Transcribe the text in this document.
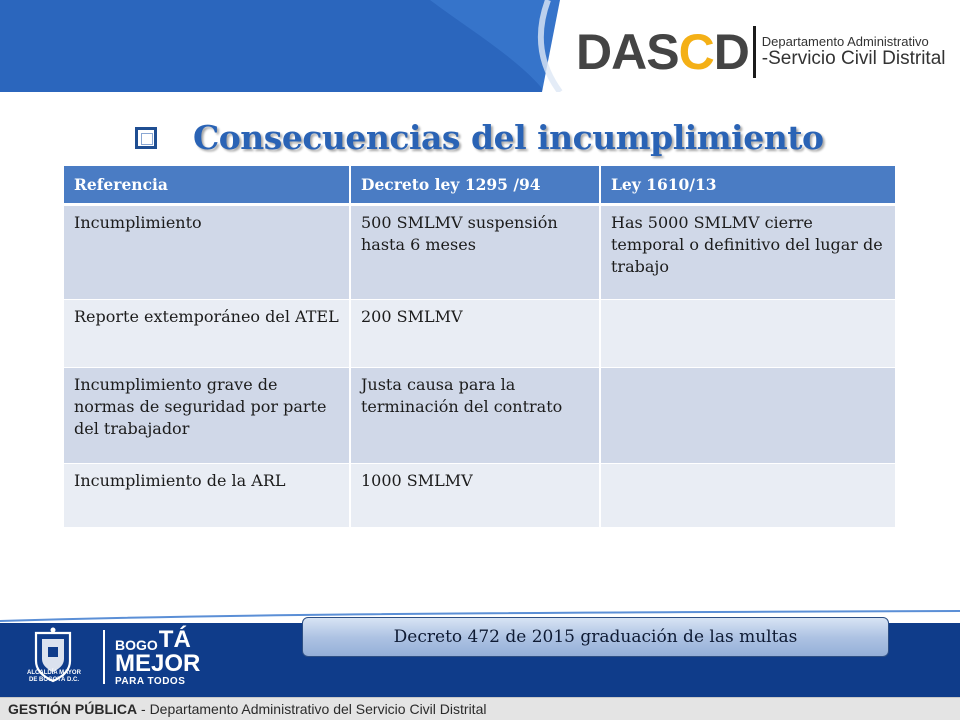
DASCD Departamento Administrativo
-Servicio Civil Distrital
Consecuencias del incumplimiento
Referencia	Decreto ley 1295 /94	Ley 1610/13
Incumplimiento	500 SMLMV suspensión hasta 6 meses	Has 5000 SMLMV cierre temporal o definitivo del lugar de trabajo
Reporte extemporáneo del ATEL	200 SMLMV	
Incumplimiento grave de normas de seguridad por parte del trabajador	Justa causa para la terminación del contrato	
Incumplimiento de la ARL	1000 SMLMV	
Decreto 472 de 2015 graduación de las multas
ALCALDÍA MAYOR
DE BOGOTÁ D.C.
BOGO TÁ
MEJOR
PARA TODOS
GESTIÓN PÚBLICA - Departamento Administrativo del Servicio Civil Distrital
